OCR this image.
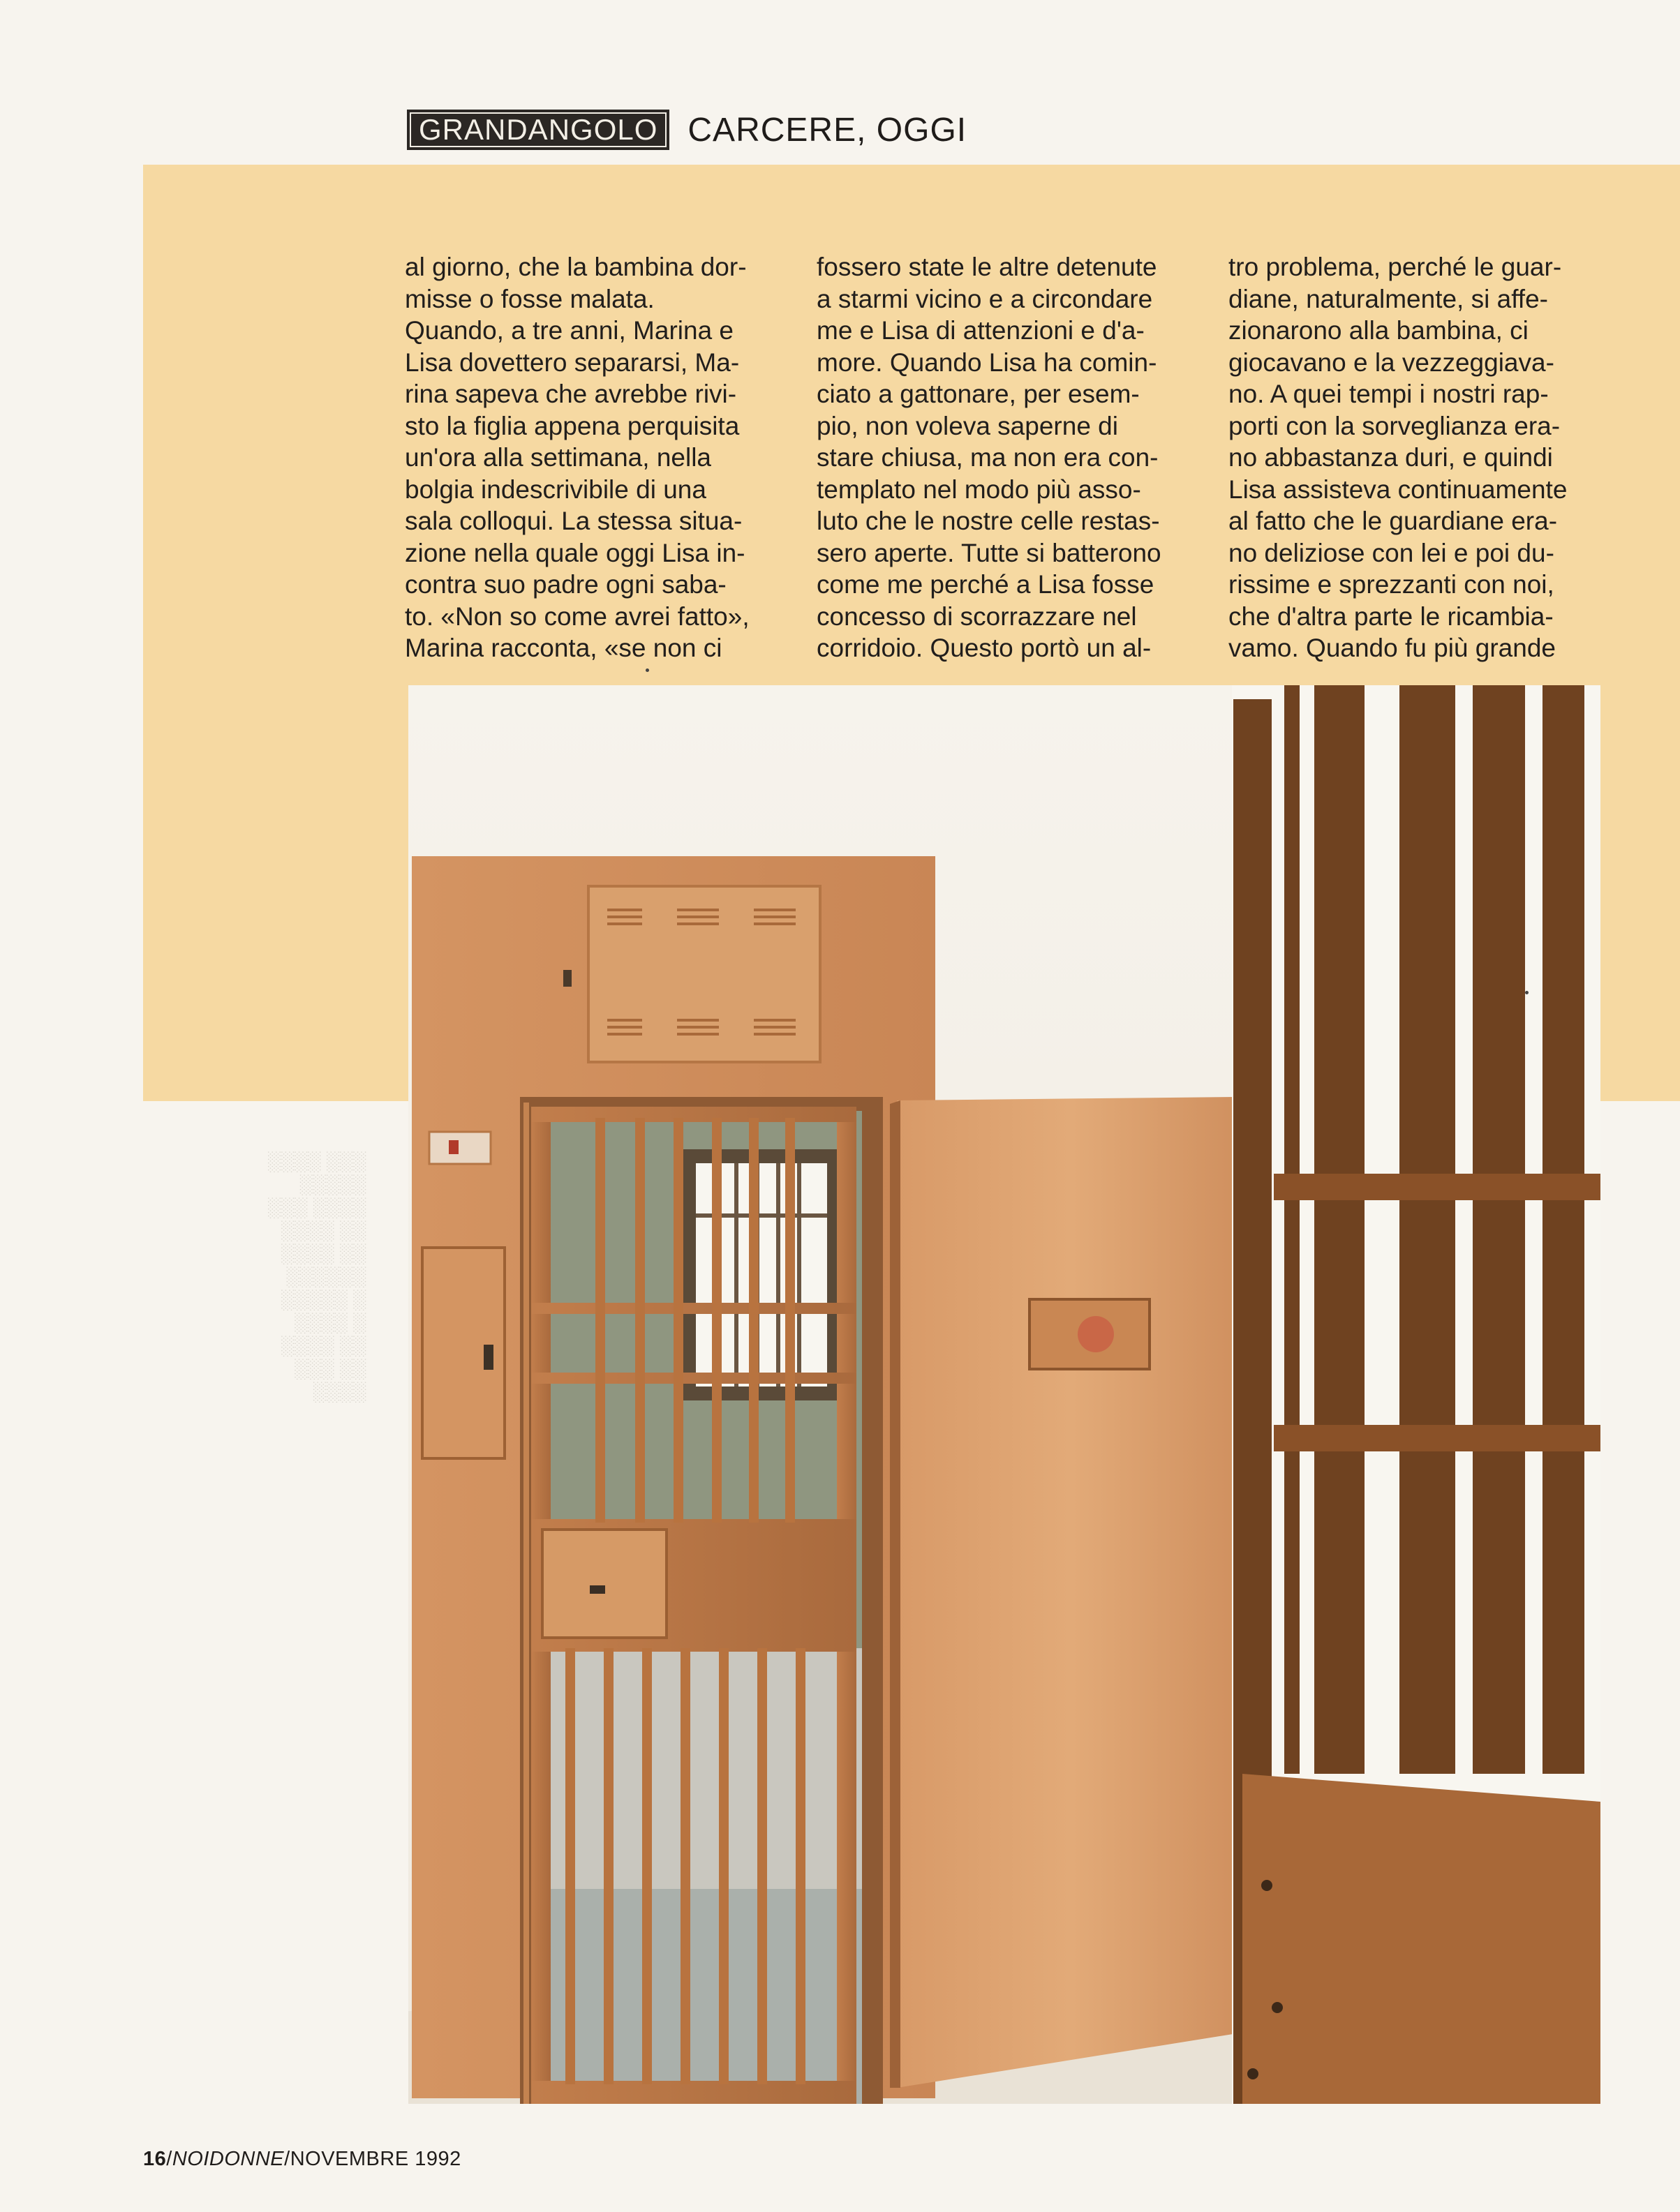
GRANDANGOLO CARCERE, OGGI

al giorno, che la bambina dor-

misse o fosse malata.

Quando, a tre anni, Marina e

Lisa dovettero separarsi, Ma-

rina sapeva che avrebbe rivi-

sto la figlia appena perquisita

un'ora alla settimana, nella

bolgia indescrivibile di una

sala colloqui. La stessa situa-

zione nella quale oggi Lisa in-

contra suo padre ogni saba-

to. «Non so come avrei fatto»,

Marina racconta, «se non ci

fossero state le altre detenute

a starmi vicino e a circondare

me e Lisa di attenzioni e d'a-

more. Quando Lisa ha comin-

ciato a gattonare, per esem-

pio, non voleva saperne di

stare chiusa, ma non era con-

templato nel modo più asso-

luto che le nostre celle restas-

sero aperte. Tutte si batterono

come me perché a Lisa fosse

concesso di scorrazzare nel

corridoio. Questo portò un al-

tro problema, perché le guar-

diane, naturalmente, si affe-

zionarono alla bambina, ci

giocavano e la vezzeggiava-

no. A quei tempi i nostri rap-

porti con la sorveglianza era-

no abbastanza duri, e quindi

Lisa assisteva continuamente

al fatto che le guardiane era-

no deliziose con lei e poi du-

rissime e sprezzanti con noi,

che d'altra parte le ricambia-

vamo. Quando fu più grande

░░░░ ░░░
░░░░░
░░░ ░░░░
░░░░ ░░
░░░░ ░░
░░░░░░
░░░░░ ░
░░░░ ░
░░░░ ░░
░░░ ░░
░░░░
16/NOIDONNE/NOVEMBRE 1992
